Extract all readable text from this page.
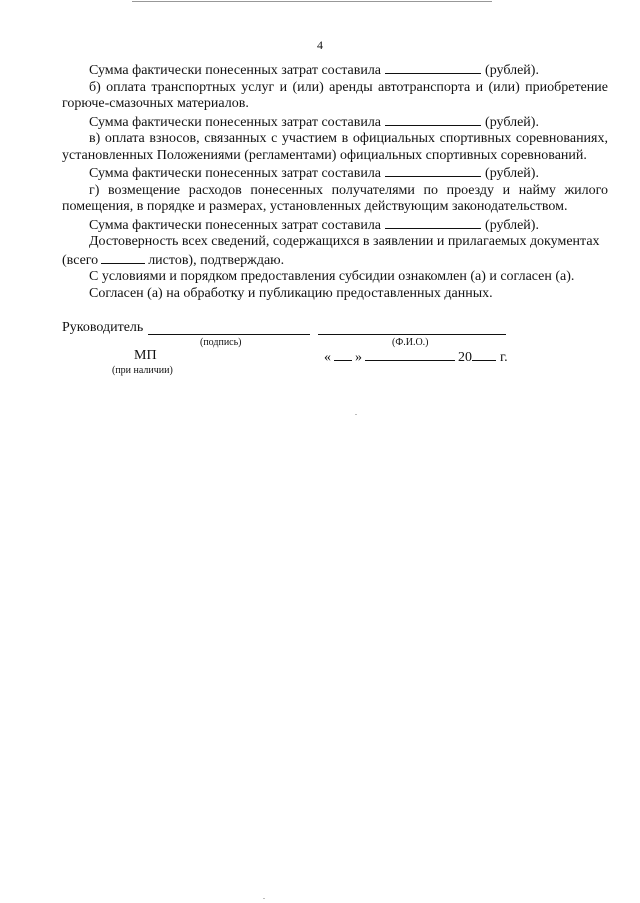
4

Сумма фактически понесенных затрат составила	(рублей).

б) оплата транспортных услуг и (или) аренды автотранспорта и (или) приобретение горюче-смазочных материалов.

Сумма фактически понесенных затрат составила	(рублей).

в) оплата взносов, связанных с участием в официальных спортивных соревнованиях, установленных Положениями (регламентами) официальных спортивных соревнований.

Сумма фактически понесенных затрат составила	(рублей).

г) возмещение расходов понесенных получателями по проезду и найму жилого помещения, в порядке и размерах, установленных действующим законодательством.

Сумма фактически понесенных затрат составила	(рублей).

Достоверность всех сведений, содержащихся в заявлении и прилагаемых документах

(всего	листов), подтверждаю.

С условиями и порядком предоставления субсидии ознакомлен (а) и согласен (а).

Согласен (а) на обработку и публикацию предоставленных данных.

Руководитель
(подпись)	(Ф.И.О.)
МП
(при наличии)
« »	20 г.
